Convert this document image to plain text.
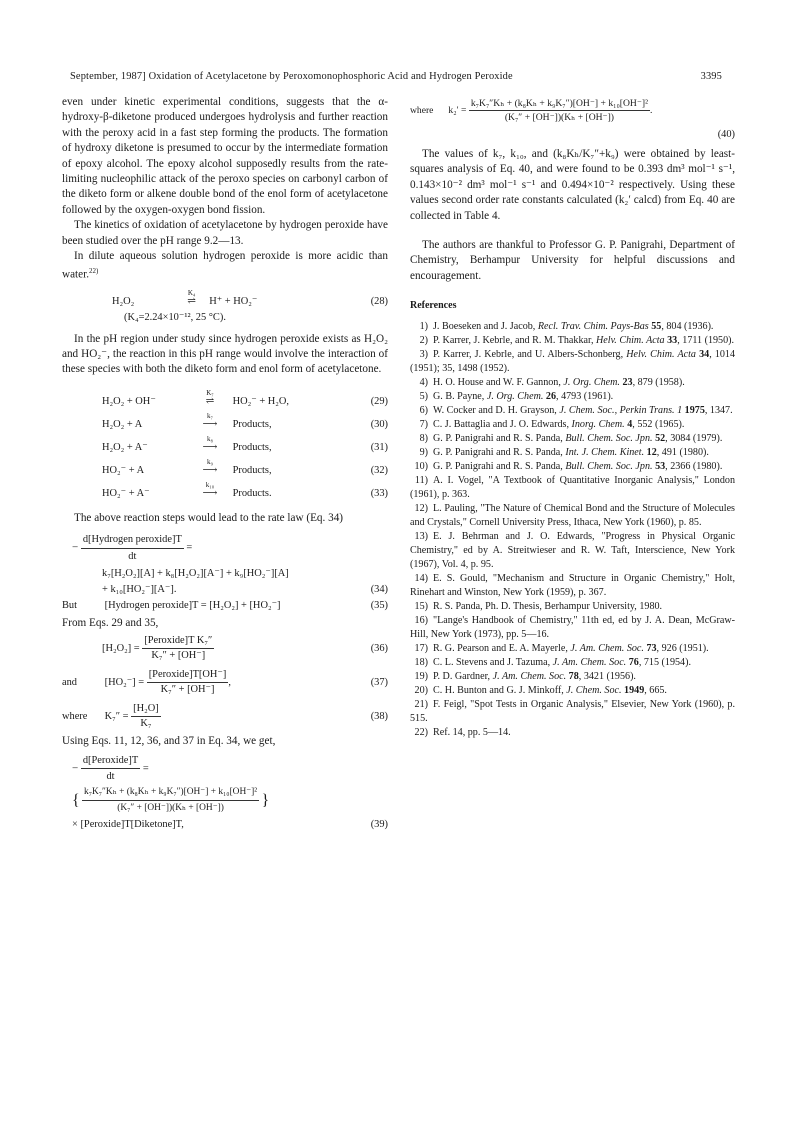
September, 1987] Oxidation of Acetylacetone by Peroxomonophosphoric Acid and Hydrogen Peroxide	3395

even under kinetic experimental conditions, suggests that the α-hydroxy-β-diketone produced undergoes hydrolysis and further reaction with the peroxy acid in a fast step forming the products. The formation of hydroxy diketone is presumed to occur by the intermediate formation of epoxy alcohol. The epoxy alcohol supposedly results from the rate-limiting nucleophilic attack of the peroxo species on carbonyl carbon of the diketo form or alkene double bond of the enol form of acetylacetone followed by the oxygen-oxygen bond fission.

The kinetics of oxidation of acetylacetone by hydrogen peroxide have been studied over the pH range 9.2—13.

In dilute aqueous solution hydrogen peroxide is more acidic than water.$^{22)}$

H₂O₂
K₄
⇌ H⁺ + HO₂⁻	(28)
(K₄=2.24×10⁻¹², 25 °C).

In the pH region under study since hydrogen peroxide exists as H₂O₂ and HO₂⁻, the reaction in this pH range would involve the interaction of these species with both the diketo form and enol form of acetylacetone.

H₂O₂ + OH⁻
K₇
⇌ HO₂⁻ + H₂O,	(29)
H₂O₂ + A
k₇
⟶ Products,	(30)
H₂O₂ + A⁻
k₈
⟶ Products,	(31)
HO₂⁻ + A
k₉
⟶ Products,	(32)
HO₂⁻ + A⁻
k₁₀
⟶ Products.	(33)

The above reaction steps would lead to the rate law (Eq. 34)

− $\frac{\text{d[Hydrogen peroxide]T}}{dt}$ =
k₇[H₂O₂][A] + k₈[H₂O₂][A⁻] + k₉[HO₂⁻][A]
+ k₁₀[HO₂⁻][A⁻].	(34)
But	[Hydrogen peroxide]T = [H₂O₂] + [HO₂⁻]	(35)

From Eqs. 29 and 35,

$[H_2O_2] = \frac{\text{[Peroxide]T K₇″}}{\text{K₇″ + [OH⁻]}}$	(36)
and	$[HO_2^-] = \frac{\text{[Peroxide]T[OH⁻]}}{\text{K₇″ + [OH⁻]}}$ ,	(37)
where $K_7'' = \frac{\text{[H₂O]}}{\text{K₇}}$	(38)

Using Eqs. 11, 12, 36, and 37 in Eq. 34, we get,

− $\frac{\text{d[Peroxide]T}}{dt}$ =
{ $\frac{\text{k₇K₇″Kₕ + (k₈Kₕ + k₉K₇″)[OH⁻] + k₁₀[OH⁻]²}}{\text{(K₇″ + [OH⁻])(Kₕ + [OH⁻])}}$ }
× [Peroxide]T[Diketone]T,	(39)
where $k_2' = \frac{\text{k₇K₇″Kₕ + (k₈Kₕ + k₉K₇″)[OH⁻] + k₁₀[OH⁻]²}}{\text{(K₇″ + [OH⁻])(Kₕ + [OH⁻])}}$ .
(40)

The values of k₇, k₁₀, and (k₈Kₕ/K₇″+k₉) were obtained by least-squares analysis of Eq. 40, and were found to be 0.393 dm³ mol⁻¹ s⁻¹, 0.143×10⁻² dm³ mol⁻¹ s⁻¹ and 0.494×10⁻² respectively. Using these values second order rate constants calculated (k₂′ calcd) from Eq. 40 are collected in Table 4.

The authors are thankful to Professor G. P. Panigrahi, Department of Chemistry, Berhampur University for helpful discussions and encouragement.

References

1) J. Boeseken and J. Jacob, Recl. Trav. Chim. Pays-Bas 55, 804 (1936).

2) P. Karrer, J. Kebrle, and R. M. Thakkar, Helv. Chim. Acta 33, 1711 (1950).

3) P. Karrer, J. Kebrle, and U. Albers-Schonberg, Helv. Chim. Acta 34, 1014 (1951); 35, 1498 (1952).

4) H. O. House and W. F. Gannon, J. Org. Chem. 23, 879 (1958).

5) G. B. Payne, J. Org. Chem. 26, 4793 (1961).

6) W. Cocker and D. H. Grayson, J. Chem. Soc., Perkin Trans. 1 1975, 1347.

7) C. J. Battaglia and J. O. Edwards, Inorg. Chem. 4, 552 (1965).

8) G. P. Panigrahi and R. S. Panda, Bull. Chem. Soc. Jpn. 52, 3084 (1979).

9) G. P. Panigrahi and R. S. Panda, Int. J. Chem. Kinet. 12, 491 (1980).

10) G. P. Panigrahi and R. S. Panda, Bull. Chem. Soc. Jpn. 53, 2366 (1980).

11) A. I. Vogel, "A Textbook of Quantitative Inorganic Analysis," London (1961), p. 363.

12) L. Pauling, "The Nature of Chemical Bond and the Structure of Molecules and Crystals," Cornell University Press, Ithaca, New York (1960), p. 85.

13) E. J. Behrman and J. O. Edwards, "Progress in Physical Organic Chemistry," ed by A. Streitwieser and R. W. Taft, Interscience, New York (1967), Vol. 4, p. 95.

14) E. S. Gould, "Mechanism and Structure in Organic Chemistry," Holt, Rinehart and Winston, New York (1959), p. 367.

15) R. S. Panda, Ph. D. Thesis, Berhampur University, 1980.

16) "Lange's Handbook of Chemistry," 11th ed, ed by J. A. Dean, McGraw-Hill, New York (1973), pp. 5—16.

17) R. G. Pearson and E. A. Mayerle, J. Am. Chem. Soc. 73, 926 (1951).

18) C. L. Stevens and J. Tazuma, J. Am. Chem. Soc. 76, 715 (1954).

19) P. D. Gardner, J. Am. Chem. Soc. 78, 3421 (1956).

20) C. H. Bunton and G. J. Minkoff, J. Chem. Soc. 1949, 665.

21) F. Feigl, "Spot Tests in Organic Analysis," Elsevier, New York (1960), p. 515.

22) Ref. 14, pp. 5—14.
